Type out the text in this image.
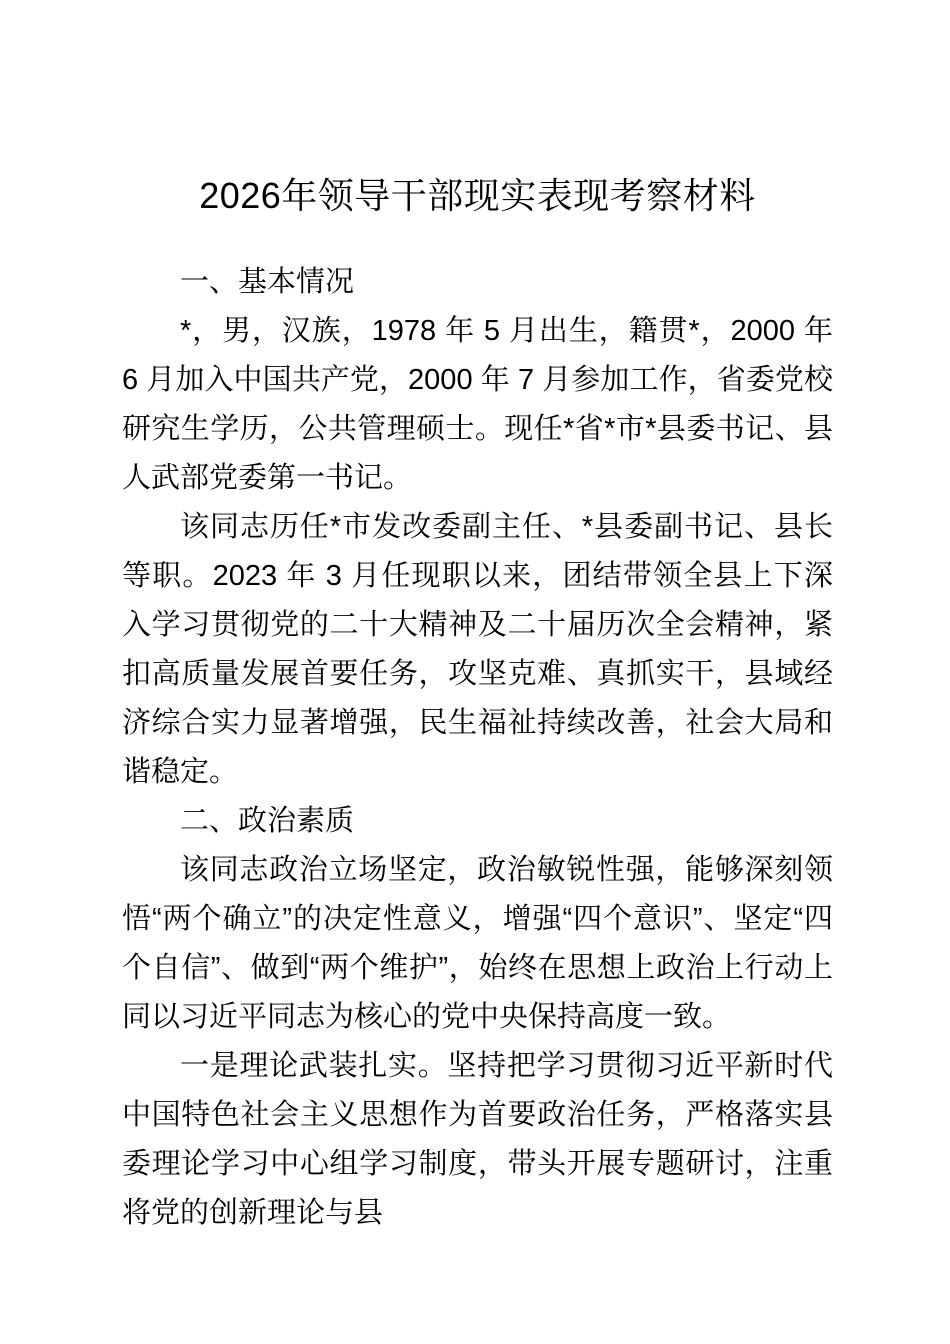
2026年领导干部现实表现考察材料

一、基本情况

*，男，汉族，1978 年 5 月出生，籍贯*，2000 年 6 月加入中国共产党，2000 年 7 月参加工作，省委党校研究生学历，公共管理硕士。现任*省*市*县委书记、县人武部党委第一书记。

该同志历任*市发改委副主任、*县委副书记、县长等职。2023 年 3 月任现职以来，团结带领全县上下深入学习贯彻党的二十大精神及二十届历次全会精神，紧扣高质量发展首要任务，攻坚克难、真抓实干，县域经济综合实力显著增强，民生福祉持续改善，社会大局和谐稳定。

二、政治素质

该同志政治立场坚定，政治敏锐性强，能够深刻领悟“两个确立”的决定性意义，增强“四个意识”、坚定“四个自信”、做到“两个维护”，始终在思想上政治上行动上同以习近平同志为核心的党中央保持高度一致。

一是理论武装扎实。坚持把学习贯彻习近平新时代中国特色社会主义思想作为首要政治任务，严格落实县委理论学习中心组学习制度，带头开展专题研讨，注重将党的创新理论与县
